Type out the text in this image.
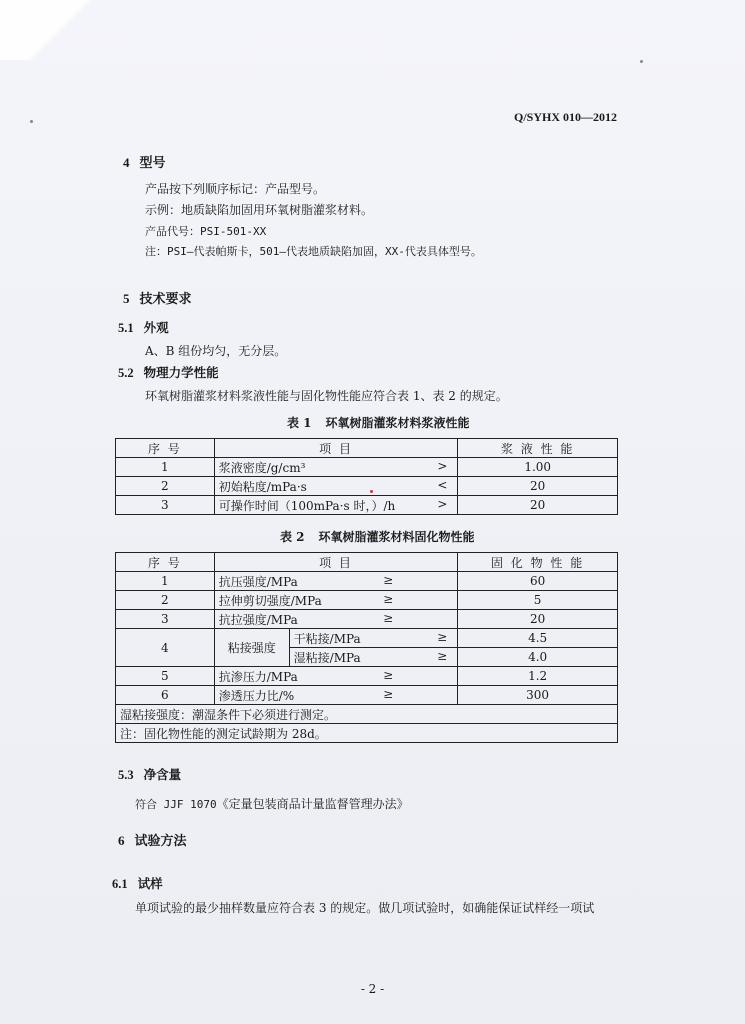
Q/SYHX 010—2012
4 型号
产品按下列顺序标记：产品型号。
示例：地质缺陷加固用环氧树脂灌浆材料。
产品代号：PSI-501-XX
注：PSI—代表帕斯卡，501—代表地质缺陷加固，XX-代表具体型号。
5 技术要求
5.1 外观
A、B 组份均匀，无分层。
5.2 物理力学性能
环氧树脂灌浆材料浆液性能与固化物性能应符合表 1、表 2 的规定。
表 1 环氧树脂灌浆材料浆液性能
序 号	项 目	浆 液 性 能
1	浆液密度/g/cm³ >	1.00
2	初始粘度/mPa·s <	20
3	可操作时间（100mPa·s 时，）/h >	20
表 2 环氧树脂灌浆材料固化物性能
序 号	项 目		固 化 物 性 能
1	抗压强度/MPa ≥		60
2	拉伸剪切强度/MPa ≥		5
3	抗拉强度/MPa ≥		20
4	粘接强度	干粘接/MPa ≥	4.5
		湿粘接/MPa ≥	4.0
5	抗渗压力/MPa ≥		1.2
6	渗透压力比/% ≥		300
湿粘接强度：潮湿条件下必须进行测定。			
注：固化物性能的测定试龄期为 28d。			
5.3 净含量
符合 JJF 1070《定量包装商品计量监督管理办法》
6 试验方法
6.1 试样
单项试验的最少抽样数量应符合表 3 的规定。做几项试验时，如确能保证试样经一项试
- 2 -
